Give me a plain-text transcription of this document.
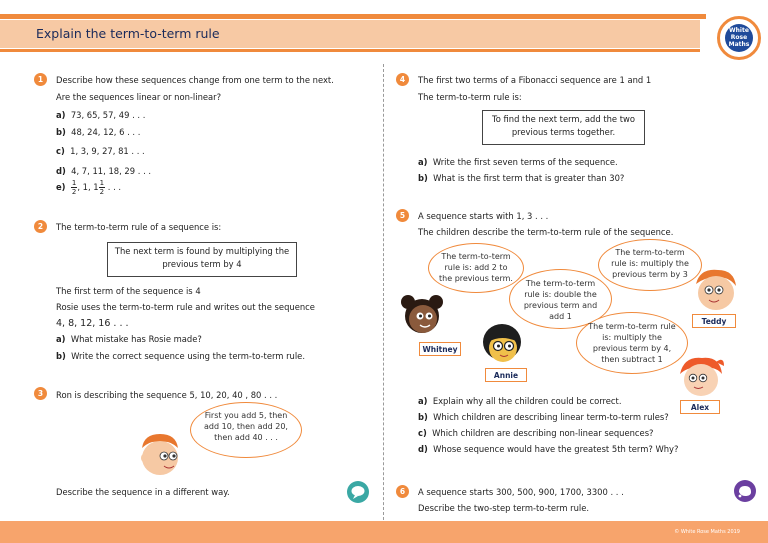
Explain the term-to-term rule	White
Rose
Maths
1	Describe how these sequences change from one term to the next.
Are the sequences linear or non-linear?
a) 73, 65, 57, 49 . . .
b) 48, 24, 12, 6 . . .
c) 1, 3, 9, 27, 81 . . .
d) 4, 7, 11, 18, 29 . . .
$e) \frac{1}{2}$ , 1, $1 \frac{1}{2}$ . . .
2	The term-to-term rule of a sequence is:
The next term is found by multiplying the previous term by 4
The first term of the sequence is 4
Rosie uses the term-to-term rule and writes out the sequence
4, 8, 12, 16 . . .
a) What mistake has Rosie made?
b) Write the correct sequence using the term-to-term rule.
3	Ron is describing the sequence 5, 10, 20, 40 , 80 . . .
First you add 5, then add 10, then add 20, then add 40 . . .
Describe the sequence in a different way.
4	The first two terms of a Fibonacci sequence are 1 and 1
The term-to-term rule is:
To find the next term, add the two previous terms together.
a) Write the first seven terms of the sequence.
b) What is the first term that is greater than 30?
5	A sequence starts with 1, 3 . . .
The children describe the term-to-term rule of the sequence.
The term-to-term rule is: add 2 to the previous term.
The term-to-term rule is: double the previous term and add 1
The term-to-term rule is: multiply the previous term by 3
The term-to-term rule is: multiply the previous term by 4, then subtract 1
Whitney
Annie
Teddy
Alex
a) Explain why all the children could be correct.
b) Which children are describing linear term-to-term rules?
c) Which children are describing non-linear sequences?
d) Whose sequence would have the greatest 5th term? Why?
6	A sequence starts 300, 500, 900, 1700, 3300 . . .
Describe the two-step term-to-term rule.
© White Rose Maths 2019
